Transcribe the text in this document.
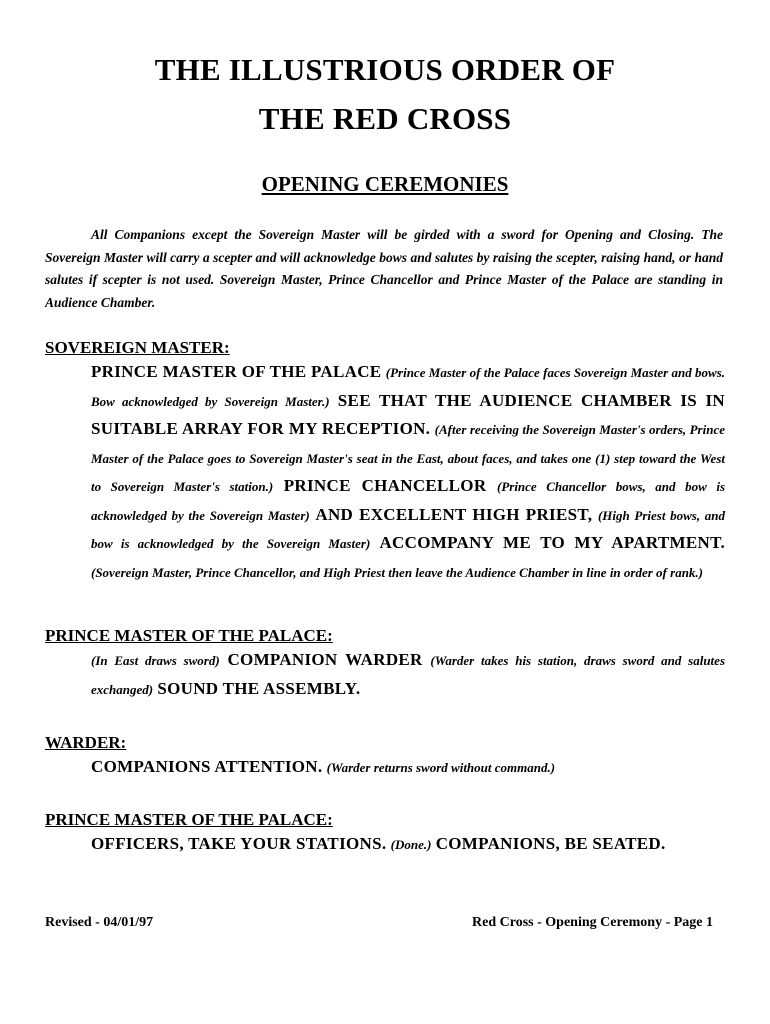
THE ILLUSTRIOUS ORDER OF
THE RED CROSS
OPENING CEREMONIES

All Companions except the Sovereign Master will be girded with a sword for Opening and Closing. The Sovereign Master will carry a scepter and will acknowledge bows and salutes by raising the scepter, raising hand, or hand salutes if scepter is not used. Sovereign Master, Prince Chancellor and Prince Master of the Palace are standing in Audience Chamber.

SOVEREIGN MASTER:

PRINCE MASTER OF THE PALACE (Prince Master of the Palace faces Sovereign Master and bows. Bow acknowledged by Sovereign Master.) SEE THAT THE AUDIENCE CHAMBER IS IN SUITABLE ARRAY FOR MY RECEPTION. (After receiving the Sovereign Master's orders, Prince Master of the Palace goes to Sovereign Master's seat in the East, about faces, and takes one (1) step toward the West to Sovereign Master's station.) PRINCE CHANCELLOR (Prince Chancellor bows, and bow is acknowledged by the Sovereign Master) AND EXCELLENT HIGH PRIEST, (High Priest bows, and bow is acknowledged by the Sovereign Master) ACCOMPANY ME TO MY APARTMENT. (Sovereign Master, Prince Chancellor, and High Priest then leave the Audience Chamber in line in order of rank.)

PRINCE MASTER OF THE PALACE:

(In East draws sword) COMPANION WARDER (Warder takes his station, draws sword and salutes exchanged) SOUND THE ASSEMBLY.

WARDER:

COMPANIONS ATTENTION. (Warder returns sword without command.)

PRINCE MASTER OF THE PALACE:

OFFICERS, TAKE YOUR STATIONS. (Done.) COMPANIONS, BE SEATED.

Revised - 04/01/97	Red Cross - Opening Ceremony - Page 1
